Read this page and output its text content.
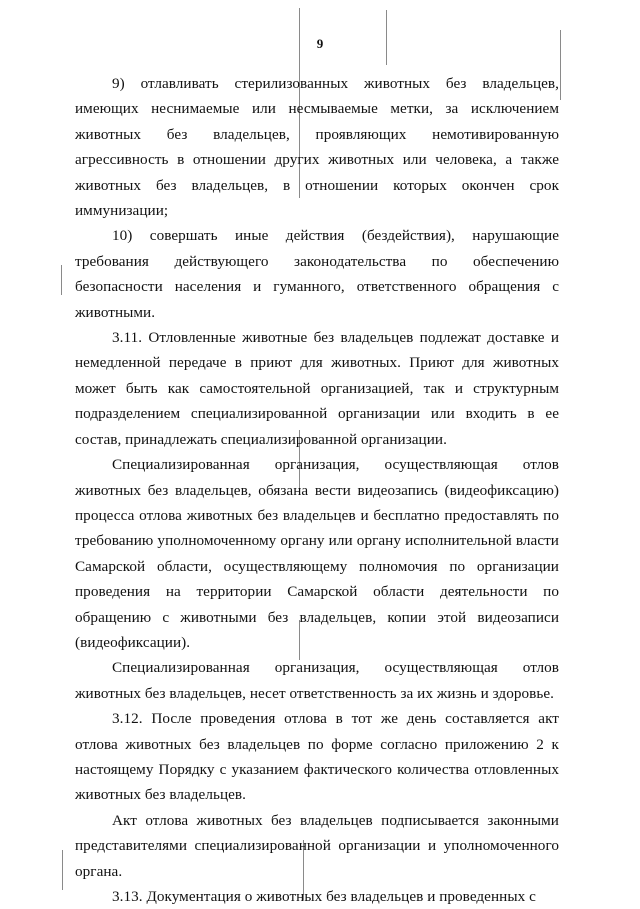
9

9) отлавливать стерилизованных животных без владельцев, имеющих неснимаемые или несмываемые метки, за исключением животных без владельцев, проявляющих немотивированную агрессивность в отношении других животных или человека, а также животных без владельцев, в отношении которых окончен срок иммунизации;

10) совершать иные действия (бездействия), нарушающие требования действующего законодательства по обеспечению безопасности населения и гуманного, ответственного обращения с животными.

3.11. Отловленные животные без владельцев подлежат доставке и немедленной передаче в приют для животных. Приют для животных может быть как самостоятельной организацией, так и структурным подразделением специализированной организации или входить в ее состав, принадлежать специализированной организации.

Специализированная организация, осуществляющая отлов животных без владельцев, обязана вести видеозапись (видеофиксацию) процесса отлова животных без владельцев и бесплатно предоставлять по требованию уполномоченному органу или органу исполнительной власти Самарской области, осуществляющему полномочия по организации проведения на территории Самарской области деятельности по обращению с животными без владельцев, копии этой видеозаписи (видеофиксации).

Специализированная организация, осуществляющая отлов животных без владельцев, несет ответственность за их жизнь и здоровье.

3.12. После проведения отлова в тот же день составляется акт отлова животных без владельцев по форме согласно приложению 2 к настоящему Порядку с указанием фактического количества отловленных животных без владельцев.

Акт отлова животных без владельцев подписывается законными представителями специализированной организации и уполномоченного органа.

3.13. Документация о животных без владельцев и проведенных с
